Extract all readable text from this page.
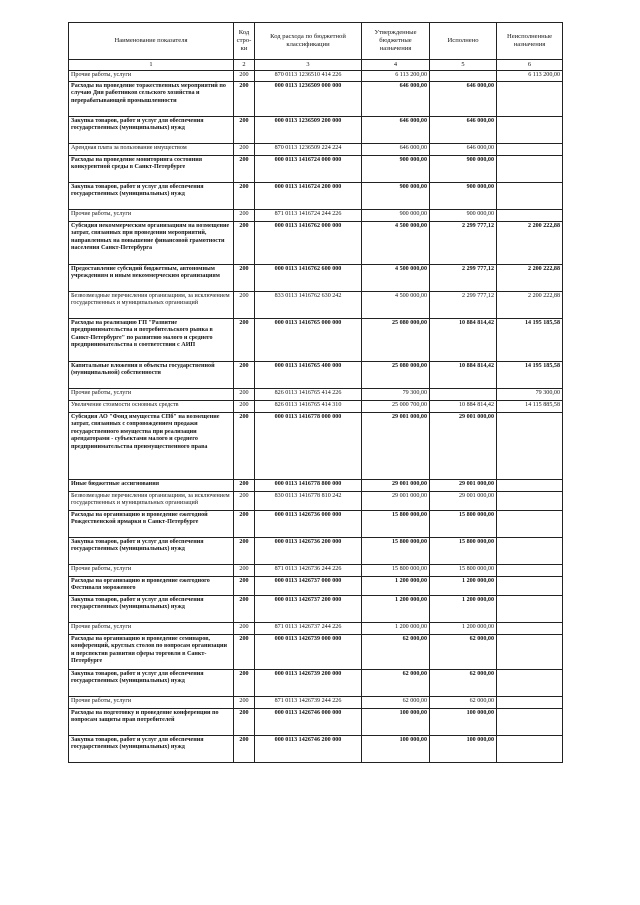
Наименование показателя	Код стро-ки	Код расхода по бюджетной классификации	Утвержденные бюджетные назначения	Исполнено	Неисполненные назначения
1	2	3	4	5	6
Прочие работы, услуги	200	870 0113 1236510 414 226	6 113 200,00		6 113 200,00
Расходы на проведение торжественных мероприятий по случаю Дня работников сельского хозяйства и перерабатывающей промышленности	200	000 0113 1236509 000 000	646 000,00	646 000,00	
Закупка товаров, работ и услуг для обеспечения государственных (муниципальных) нужд	200	000 0113 1236509 200 000	646 000,00	646 000,00	
Арендная плата за пользование имуществом	200	870 0113 1236509 224 224	646 000,00	646 000,00	
Расходы на проведение мониторинга состояния конкурентной среды в Санкт-Петербурге	200	000 0113 1416724 000 000	900 000,00	900 000,00	
Закупка товаров, работ и услуг для обеспечения государственных (муниципальных) нужд	200	000 0113 1416724 200 000	900 000,00	900 000,00	
Прочие работы, услуги	200	871 0113 1416724 244 226	900 000,00	900 000,00	
Субсидия некоммерческим организациям на возмещение затрат, связанных при проведении мероприятий, направленных на повышение финансовой грамотности населения Санкт-Петербурга	200	000 0113 1416762 000 000	4 500 000,00	2 299 777,12	2 200 222,88
Предоставление субсидий бюджетным, автономным учреждениям и иным некоммерческим организациям	200	000 0113 1416762 600 000	4 500 000,00	2 299 777,12	2 200 222,88
Безвозмездные перечисления организациям, за исключением государственных и муниципальных организаций	200	833 0113 1416762 630 242	4 500 000,00	2 299 777,12	2 200 222,88
Расходы на реализацию ГП "Развитие предпринимательства и потребительского рынка в Санкт-Петербурге" по развитию малого и среднего предпринимательства в соответствии с АИП	200	000 0113 1416765 000 000	25 080 000,00	10 884 814,42	14 195 185,58
Капитальные вложения в объекты государственной (муниципальной) собственности	200	000 0113 1416765 400 000	25 080 000,00	10 884 814,42	14 195 185,58
Прочие работы, услуги	200	826 0113 1416765 414 226	79 300,00		79 300,00
Увеличение стоимости основных средств	200	826 0113 1416765 414 310	25 000 700,00	10 884 814,42	14 115 885,58
Субсидия АО "Фонд имущества СПб" на возмещение затрат, связанных с сопровождением продажи государственного имущества при реализации арендаторами - субъектами малого и среднего предпринимательства преимущественного права	200	000 0113 1416778 000 000	29 001 000,00	29 001 000,00	
Иные бюджетные ассигнования	200	000 0113 1416778 800 000	29 001 000,00	29 001 000,00	
Безвозмездные перечисления организациям, за исключением государственных и муниципальных организаций	200	830 0113 1416778 810 242	29 001 000,00	29 001 000,00	
Расходы на организацию и проведение ежегодной Рождественской ярмарки в Санкт-Петербурге	200	000 0113 1426736 000 000	15 800 000,00	15 800 000,00	
Закупка товаров, работ и услуг для обеспечения государственных (муниципальных) нужд	200	000 0113 1426736 200 000	15 800 000,00	15 800 000,00	
Прочие работы, услуги	200	871 0113 1426736 244 226	15 800 000,00	15 800 000,00	
Расходы на организацию и проведение ежегодного Фестиваля мороженого	200	000 0113 1426737 000 000	1 200 000,00	1 200 000,00	
Закупка товаров, работ и услуг для обеспечения государственных (муниципальных) нужд	200	000 0113 1426737 200 000	1 200 000,00	1 200 000,00	
Прочие работы, услуги	200	871 0113 1426737 244 226	1 200 000,00	1 200 000,00	
Расходы на организацию и проведение семинаров, конференций, круглых столов по вопросам организации и перспектив развития сферы торговли в Санкт-Петербурге	200	000 0113 1426739 000 000	62 000,00	62 000,00	
Закупка товаров, работ и услуг для обеспечения государственных (муниципальных) нужд	200	000 0113 1426739 200 000	62 000,00	62 000,00	
Прочие работы, услуги	200	871 0113 1426739 244 226	62 000,00	62 000,00	
Расходы на подготовку и проведение конференции по вопросам защиты прав потребителей	200	000 0113 1426746 000 000	100 000,00	100 000,00	
Закупка товаров, работ и услуг для обеспечения государственных (муниципальных) нужд	200	000 0113 1426746 200 000	100 000,00	100 000,00	
